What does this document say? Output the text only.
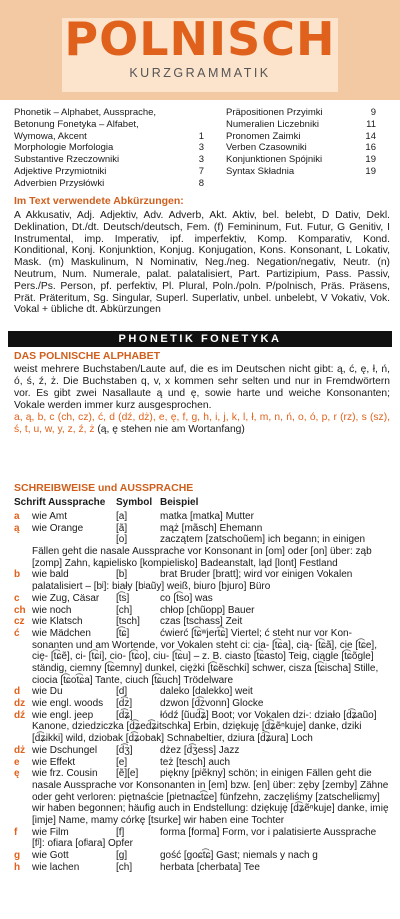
POLNISCH
KURZGRAMMATIK
Phonetik – Alphabet, Aussprache,
Betonung Fonetyka – Alfabet,
Wymowa, Akcent	1
Morphologie Morfologia	3
Substantive Rzeczowniki	3
Adjektive Przymiotniki	7
Adverbien Przysłówki	8
Präpositionen Przyimki	9
Numeralien Liczebniki	11
Pronomen Zaimki	14
Verben Czasowniki	16
Konjunktionen Spójniki	19
Syntax Składnia	19
Im Text verwendete Abkürzungen:
A Akkusativ, Adj. Adjektiv, Adv. Adverb, Akt. Aktiv, bel. belebt, D Dativ, Dekl. Deklination, Dt./dt. Deutsch/deutsch, Fem. (f) Femininum, Fut. Futur, G Genitiv, I Instrumental, imp. Imperativ, ipf. imperfektiv, Komp. Komparativ, Kond. Konditional, Konj. Konjunktion, Konjug. Konjugation, Kons. Konsonant, L Lokativ, Mask. (m) Maskulinum, N Nominativ, Neg./neg. Negation/negativ, Neutr. (n) Neutrum, Num. Numerale, palat. palatalisiert, Part. Partizipium, Pass. Passiv, Pers./Ps. Person, pf. perfektiv, Pl. Plural, Poln./poln. P/polnisch, Präs. Präsens, Prät. Präteritum, Sg. Singular, Superl. Superlativ, unbel. unbelebt, V Vokativ, Vok. Vokal + übliche dt. Abkürzungen
PHONETIK FONETYKA
DAS POLNISCHE ALPHABET
weist mehrere Buchstaben/Laute auf, die es im Deutschen nicht gibt: ą, ć, ę, ł, ń, ó, ś, ź, ż. Die Buchstaben q, v, x kommen sehr selten und nur in Fremdwörtern vor. Es gibt zwei Nasallaute ą und ę, sowie harte und weiche Konsonanten; Vokale werden immer kurz ausgesprochen.
a, ą, b, c (ch, cz), ć, d (dź, dż), e, ę, f, g, h, i, j, k, l, ł, m, n, ń, o, ó, p, r (rz), s (sz), ś, t, u, w, y, z, ź, ż (ą, ę stehen nie am Wortanfang)
SCHREIBWEISE und AUSSPRACHE
Schrift Aussprache Symbol Beispiel
a wie Amt	[a]	matka [matka] Mutter
ą wie Orange	[ã]	mąż [mãsch] Ehemann
[o]	zaczątem [zatschoũem] ich begann; in einigen
Fällen geht die nasale Aussprache vor Konsonant in [om] oder [on] über: ząb [zomp] Zahn, kąpielisko [kompielisko] Badeanstalt, ląd [lont] Festland
b wie bald	[b]	brat Bruder [bratt]; wird vor einigen Vokalen
palatalisiert – [bʲ]: biały [bʲaũy] weiß, biuro [bjuro] Büro
c wie Zug, Cäsar [t͡s]	co [t͡so] was
ch wie noch	[ch]	chłop [chũopp] Bauer
cz wie Klatsch	[tsch] czas [tschass] Zeit
ć wie Mädchen	[t͡ɕ]	ćwierć [t͡ɕʷjert͡ɕ] Viertel; ć steht nur vor Kon-
sonanten und am Wortende, vor Vokalen steht ci: cia- [t͡ɕa], cią- [t͡ɕã], cie [t͡ɕe], cię- [t͡ɕẽ], ci- [t͡ɕi], cio- [t͡ɕo], ciu- [t͡ɕu] – z. B. ciasto [t͡ɕasto] Teig, ciągle [t͡ɕõgle] ständig, ciemny [t͡ɕemny] dunkel, ciężki [t͡ɕẽschki] schwer, cisza [t͡ɕischa] Stille, ciocia [t͡ɕot͡ɕa] Tante, ciuch [t͡ɕuch] Trödelware
d wie Du	[d]	daleko [dalekko] weit
dz wie engl. woods [d͡z]	dzwon [d͡zvonn] Glocke
dź wie engl. jeep [d͡ʑ]	łódź [ũud͡ʑ] Boot; vor Vokalen dzi-: działo [d͡ʑaũo]
Kanone, dziedziczka [d͡ʑed͡ʑitschka] Erbin, dziękuję [d͡ʑẽⁿkuje] danke, dziki [d͡ʑikki] wild, dziobak [d͡ʑobak] Schnabeltier, dziura [d͡ʑura] Loch
dż wie Dschungel [d͡ʒ]	dżez [d͡ʒess] Jazz
e wie Effekt	[e]	też [tesch] auch
ę wie frz. Cousin [ẽ][e] piękny [pʲẽkny] schön; in einigen Fällen geht die
nasale Aussprache vor Konsonanten in [em] bzw. [en] über: zęby [zemby] Zähne oder geht verloren: piętnaście [pʲetnaɕt͡ɕe] fünfzehn, zaczęliśmy [zatschelʲiɕmy] wir haben begonnen; häufig auch in Endstellung: dziękuję [d͡ʑẽⁿkuje] danke, imię [imje] Name, mamy córkę [tsurke] wir haben eine Tochter
f wie Film	[f]	forma [forma] Form, vor i palatisierte Aussprache
[fʲ]: ofiara [ofʲara] Opfer
g wie Gott	[g]	gość [goɕt͡ɕ] Gast; niemals y nach g
h wie lachen	[ch]	herbata [cherbata] Tee
